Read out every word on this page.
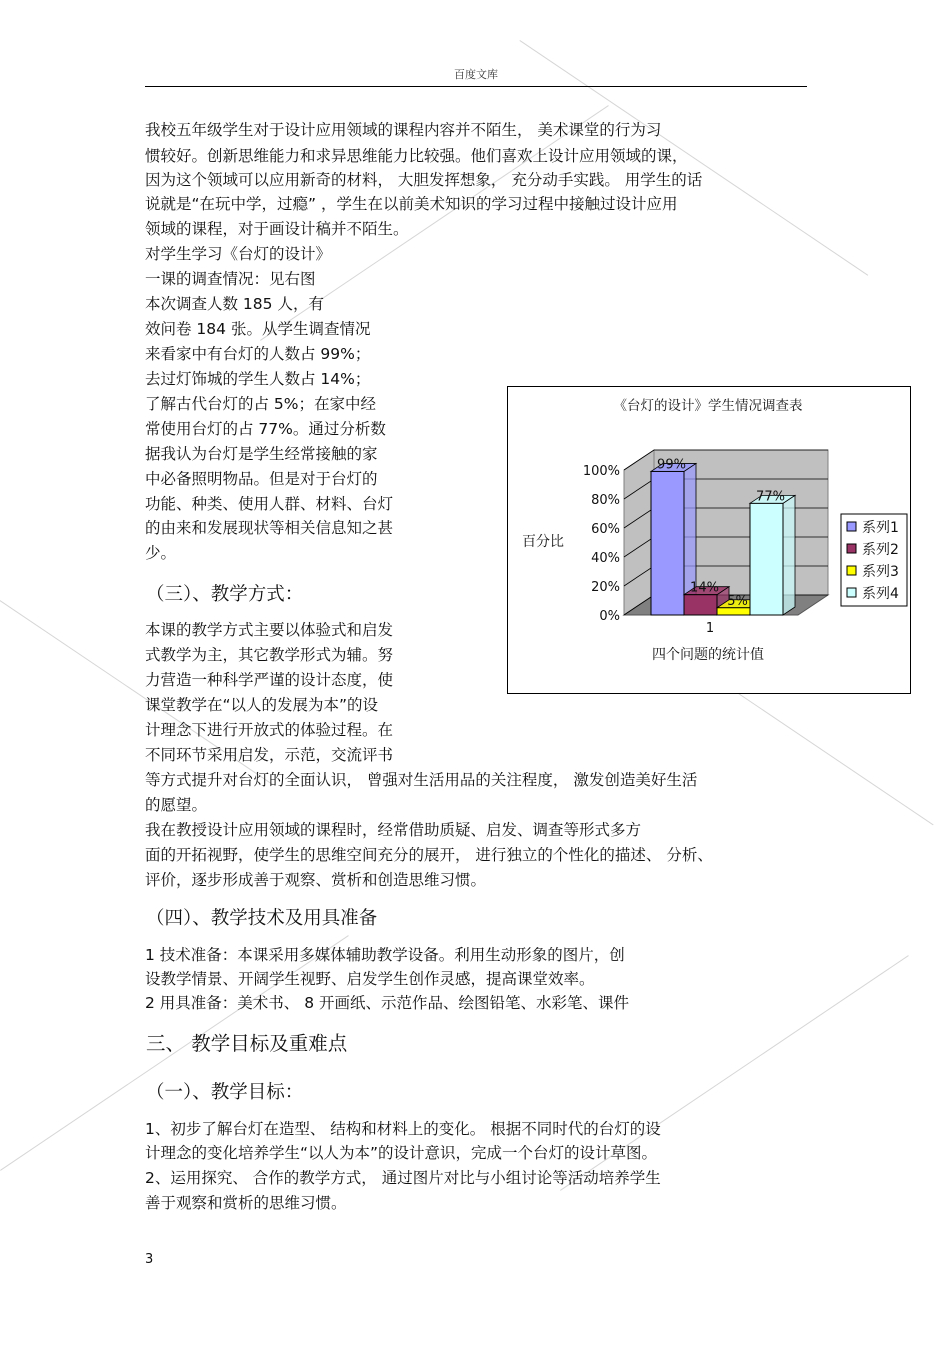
百度文库
我校五年级学生对于设计应用领域的课程内容并不陌生， 美术课堂的行为习
惯较好。创新思维能力和求异思维能力比较强。他们喜欢上设计应用领域的课，
因为这个领域可以应用新奇的材料， 大胆发挥想象， 充分动手实践。 用学生的话
说就是“在玩中学，过瘾” ，学生在以前美术知识的学习过程中接触过设计应用
领域的课程，对于画设计稿并不陌生。
对学生学习《台灯的设计》
一课的调查情况：见右图
本次调查人数 185 人，有
效问卷 184 张。从学生调查情况
来看家中有台灯的人数占 99%；
去过灯饰城的学生人数占 14%；
了解古代台灯的占 5%；在家中经
常使用台灯的占 77%。通过分析数
据我认为台灯是学生经常接触的家
中必备照明物品。但是对于台灯的
功能、种类、使用人群、材料、台灯
的由来和发展现状等相关信息知之甚
少。
（三）、教学方式：
本课的教学方式主要以体验式和启发
式教学为主，其它教学形式为辅。努
力营造一种科学严谨的设计态度，使
课堂教学在“以人的发展为本”的设
计理念下进行开放式的体验过程。在
不同环节采用启发，示范，交流评书
等方式提升对台灯的全面认识， 曾强对生活用品的关注程度， 激发创造美好生活
的愿望。
我在教授设计应用领域的课程时，经常借助质疑、启发、调查等形式多方
面的开拓视野，使学生的思维空间充分的展开， 进行独立的个性化的描述、 分析、
评价，逐步形成善于观察、赏析和创造思维习惯。
（四）、教学技术及用具准备
1 技术准备：本课采用多媒体辅助教学设备。利用生动形象的图片，创
设教学情景、开阔学生视野、启发学生创作灵感，提高课堂效率。
2 用具准备：美术书、 8 开画纸、示范作品、绘图铅笔、水彩笔、课件
三、 教学目标及重难点
（一）、教学目标：
1、初步了解台灯在造型、 结构和材料上的变化。 根据不同时代的台灯的设
计理念的变化培养学生“以人为本”的设计意识，完成一个台灯的设计草图。
2、运用探究、 合作的教学方式， 通过图片对比与小组讨论等活动培养学生
善于观察和赏析的思维习惯。
3
0%
20%
40%
60%
80%
100%	99%
14%
5%
77%
1
《台灯的设计》学生情况调查表
四个问题的统计值
百分比
系列1
系列2
系列3
系列4
